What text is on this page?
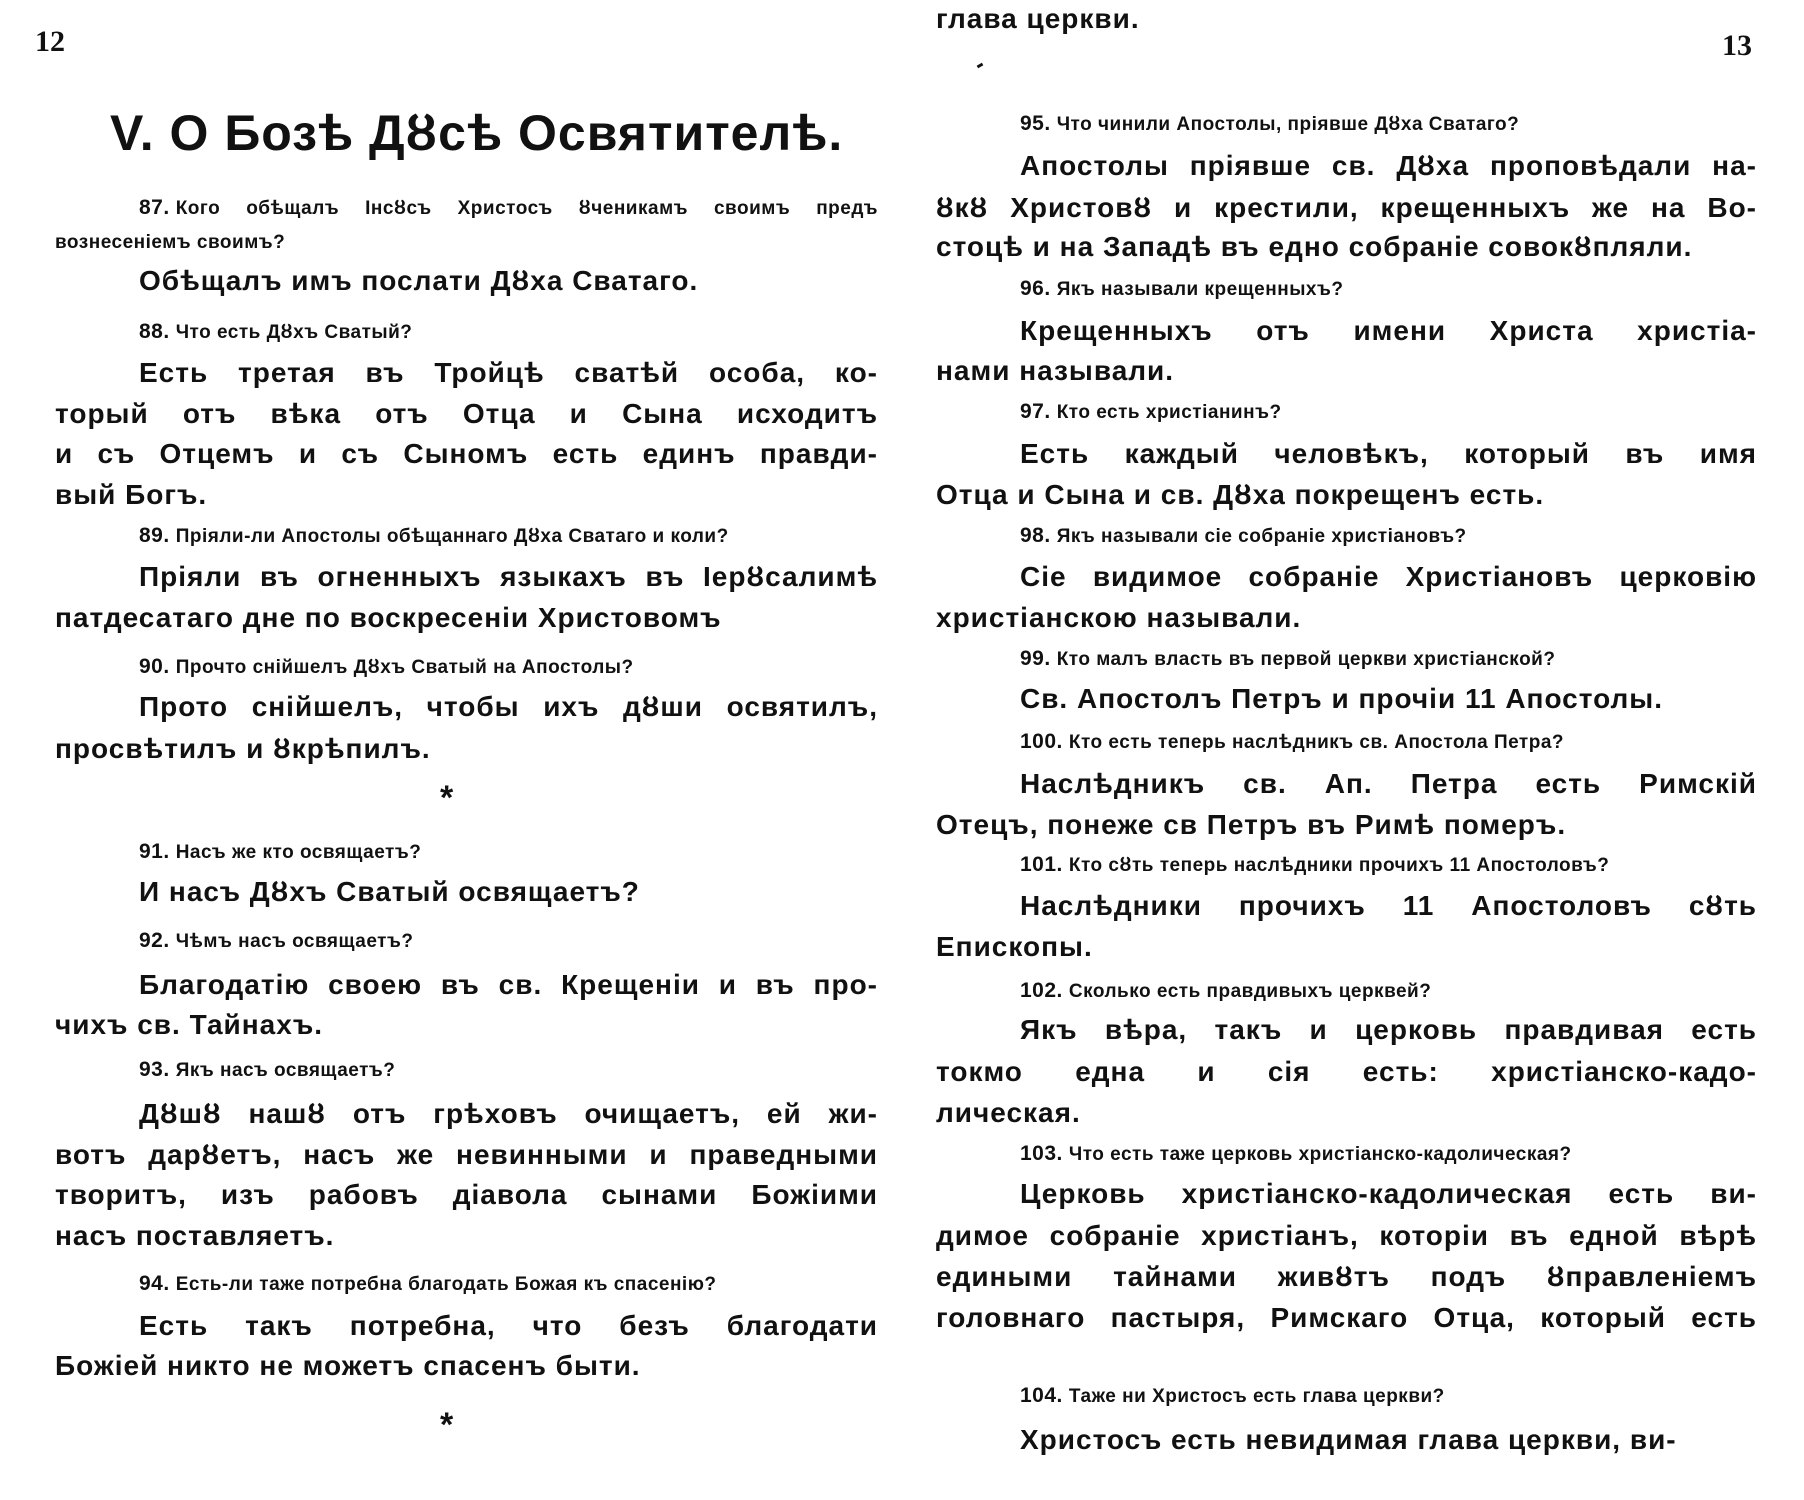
12
V. О Бозѣ Дȣсѣ Освятителѣ.
*
*
87. Кого обѣщалъ Інсȣсъ Христосъ ȣченикамъ своимъ предъ
вознесеніемъ своимъ?
Обѣщалъ имъ послати Дȣха Сватаго.
88. Что есть Дȣхъ Сватый?
Есть третая въ Тройцѣ сватѣй особа, ко-
торый отъ вѣка отъ Отца и Сына исходитъ
и съ Отцемъ и съ Сыномъ есть единъ правди-
вый Богъ.
89. Пріяли-ли Апостолы обѣщаннаго Дȣха Сватаго и коли?
Пріяли въ огненныхъ языкахъ въ Іерȣсалимѣ
патдесатаго дне по воскресеніи Христовомъ
90. Прочто снійшелъ Дȣхъ Сватый на Апостолы?
Прото снійшелъ, чтобы ихъ дȣши освятилъ,
просвѣтилъ и ȣкрѣпилъ.
91. Насъ же кто освящаетъ?
И насъ Дȣхъ Сватый освящаетъ?
92. Чѣмъ насъ освящаетъ?
Благодатію своею въ св. Крещеніи и въ про-
чихъ св. Тайнахъ.
93. Якъ насъ освящаетъ?
Дȣшȣ нашȣ отъ грѣховъ очищаетъ, ей жи-
вотъ дарȣетъ, насъ же невинными и праведными
творитъ, изъ рабовъ діавола сынами Божіими
насъ поставляетъ.
94. Есть-ли таже потребна благодать Божая къ спасенію?
Есть такъ потребна, что безъ благодати
Божіей никто не можетъ спасенъ быти.
13
95. Что чинили Апостолы, пріявше Дȣха Сватаго?
Апостолы пріявше св. Дȣха проповѣдали на-
ȣкȣ Христовȣ и крестили, крещенныхъ же на Во-
стоцѣ и на Западѣ въ едно собраніе совокȣпляли.
96. Якъ называли крещенныхъ?
Крещенныхъ отъ имени Христа христіа-
нами называли.
97. Кто есть христіанинъ?
Есть каждый человѣкъ, который въ имя
Отца и Сына и св. Дȣха покрещенъ есть.
98. Якъ называли сіе собраніе христіановъ?
Сіе видимое собраніе Христіановъ церковію
христіанскою называли.
99. Кто малъ власть въ первой церкви христіанской?
Св. Апостолъ Петръ и прочіи 11 Апостолы.
100. Кто есть теперь наслѣдникъ св. Апостола Петра?
Наслѣдникъ св. Ап. Петра есть Римскій
Отецъ, понеже св Петръ въ Римѣ померъ.
101. Кто сȣть теперь наслѣдники прочихъ 11 Апостоловъ?
Наслѣдники прочихъ 11 Апостоловъ сȣть
Епископы.
102. Сколько есть правдивыхъ церквей?
Якъ вѣра, такъ и церковь правдивая есть
токмо една и сія есть: христіанско-кадо-
лическая.
103. Что есть таже церковь христіанско-кадолическая?
Церковь христіанско-кадолическая есть ви-
димое собраніе христіанъ, которіи въ едной вѣрѣ
едиными тайнами живȣтъ подъ ȣправленіемъ
головнаго пастыря, Римскаго Отца, который есть
глава церкви.
104. Таже ни Христосъ есть глава церкви?
Христосъ есть невидимая глава церкви, ви-
